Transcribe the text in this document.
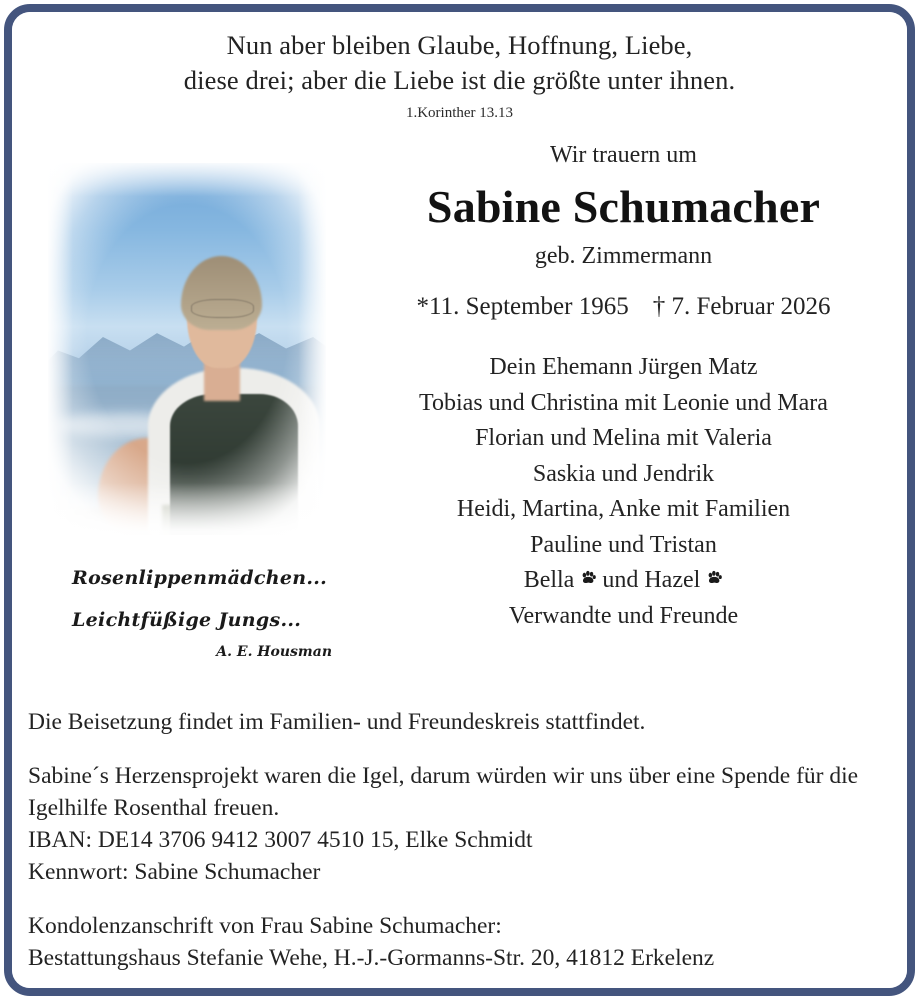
Nun aber bleiben Glaube, Hoffnung, Liebe,
diese drei; aber die Liebe ist die größte unter ihnen.
1.Korinther 13.13
Rosenlippenmädchen...
Leichtfüßige Jungs...
A. E. Housman
Wir trauern um
Sabine Schumacher
geb. Zimmermann
*11. September 1965 † 7. Februar 2026
Dein Ehemann Jürgen Matz
Tobias und Christina mit Leonie und Mara
Florian und Melina mit Valeria
Saskia und Jendrik
Heidi, Martina, Anke mit Familien
Pauline und Tristan
Bella und Hazel
Verwandte und Freunde

Die Beisetzung findet im Familien- und Freundeskreis stattfindet.

Sabine´s Herzensprojekt waren die Igel, darum würden wir uns über eine Spende für die Igelhilfe Rosenthal freuen.

IBAN: DE14 3706 9412 3007 4510 15, Elke Schmidt

Kennwort: Sabine Schumacher

Kondolenzanschrift von Frau Sabine Schumacher:

Bestattungshaus Stefanie Wehe, H.-J.-Gormanns-Str. 20, 41812 Erkelenz
